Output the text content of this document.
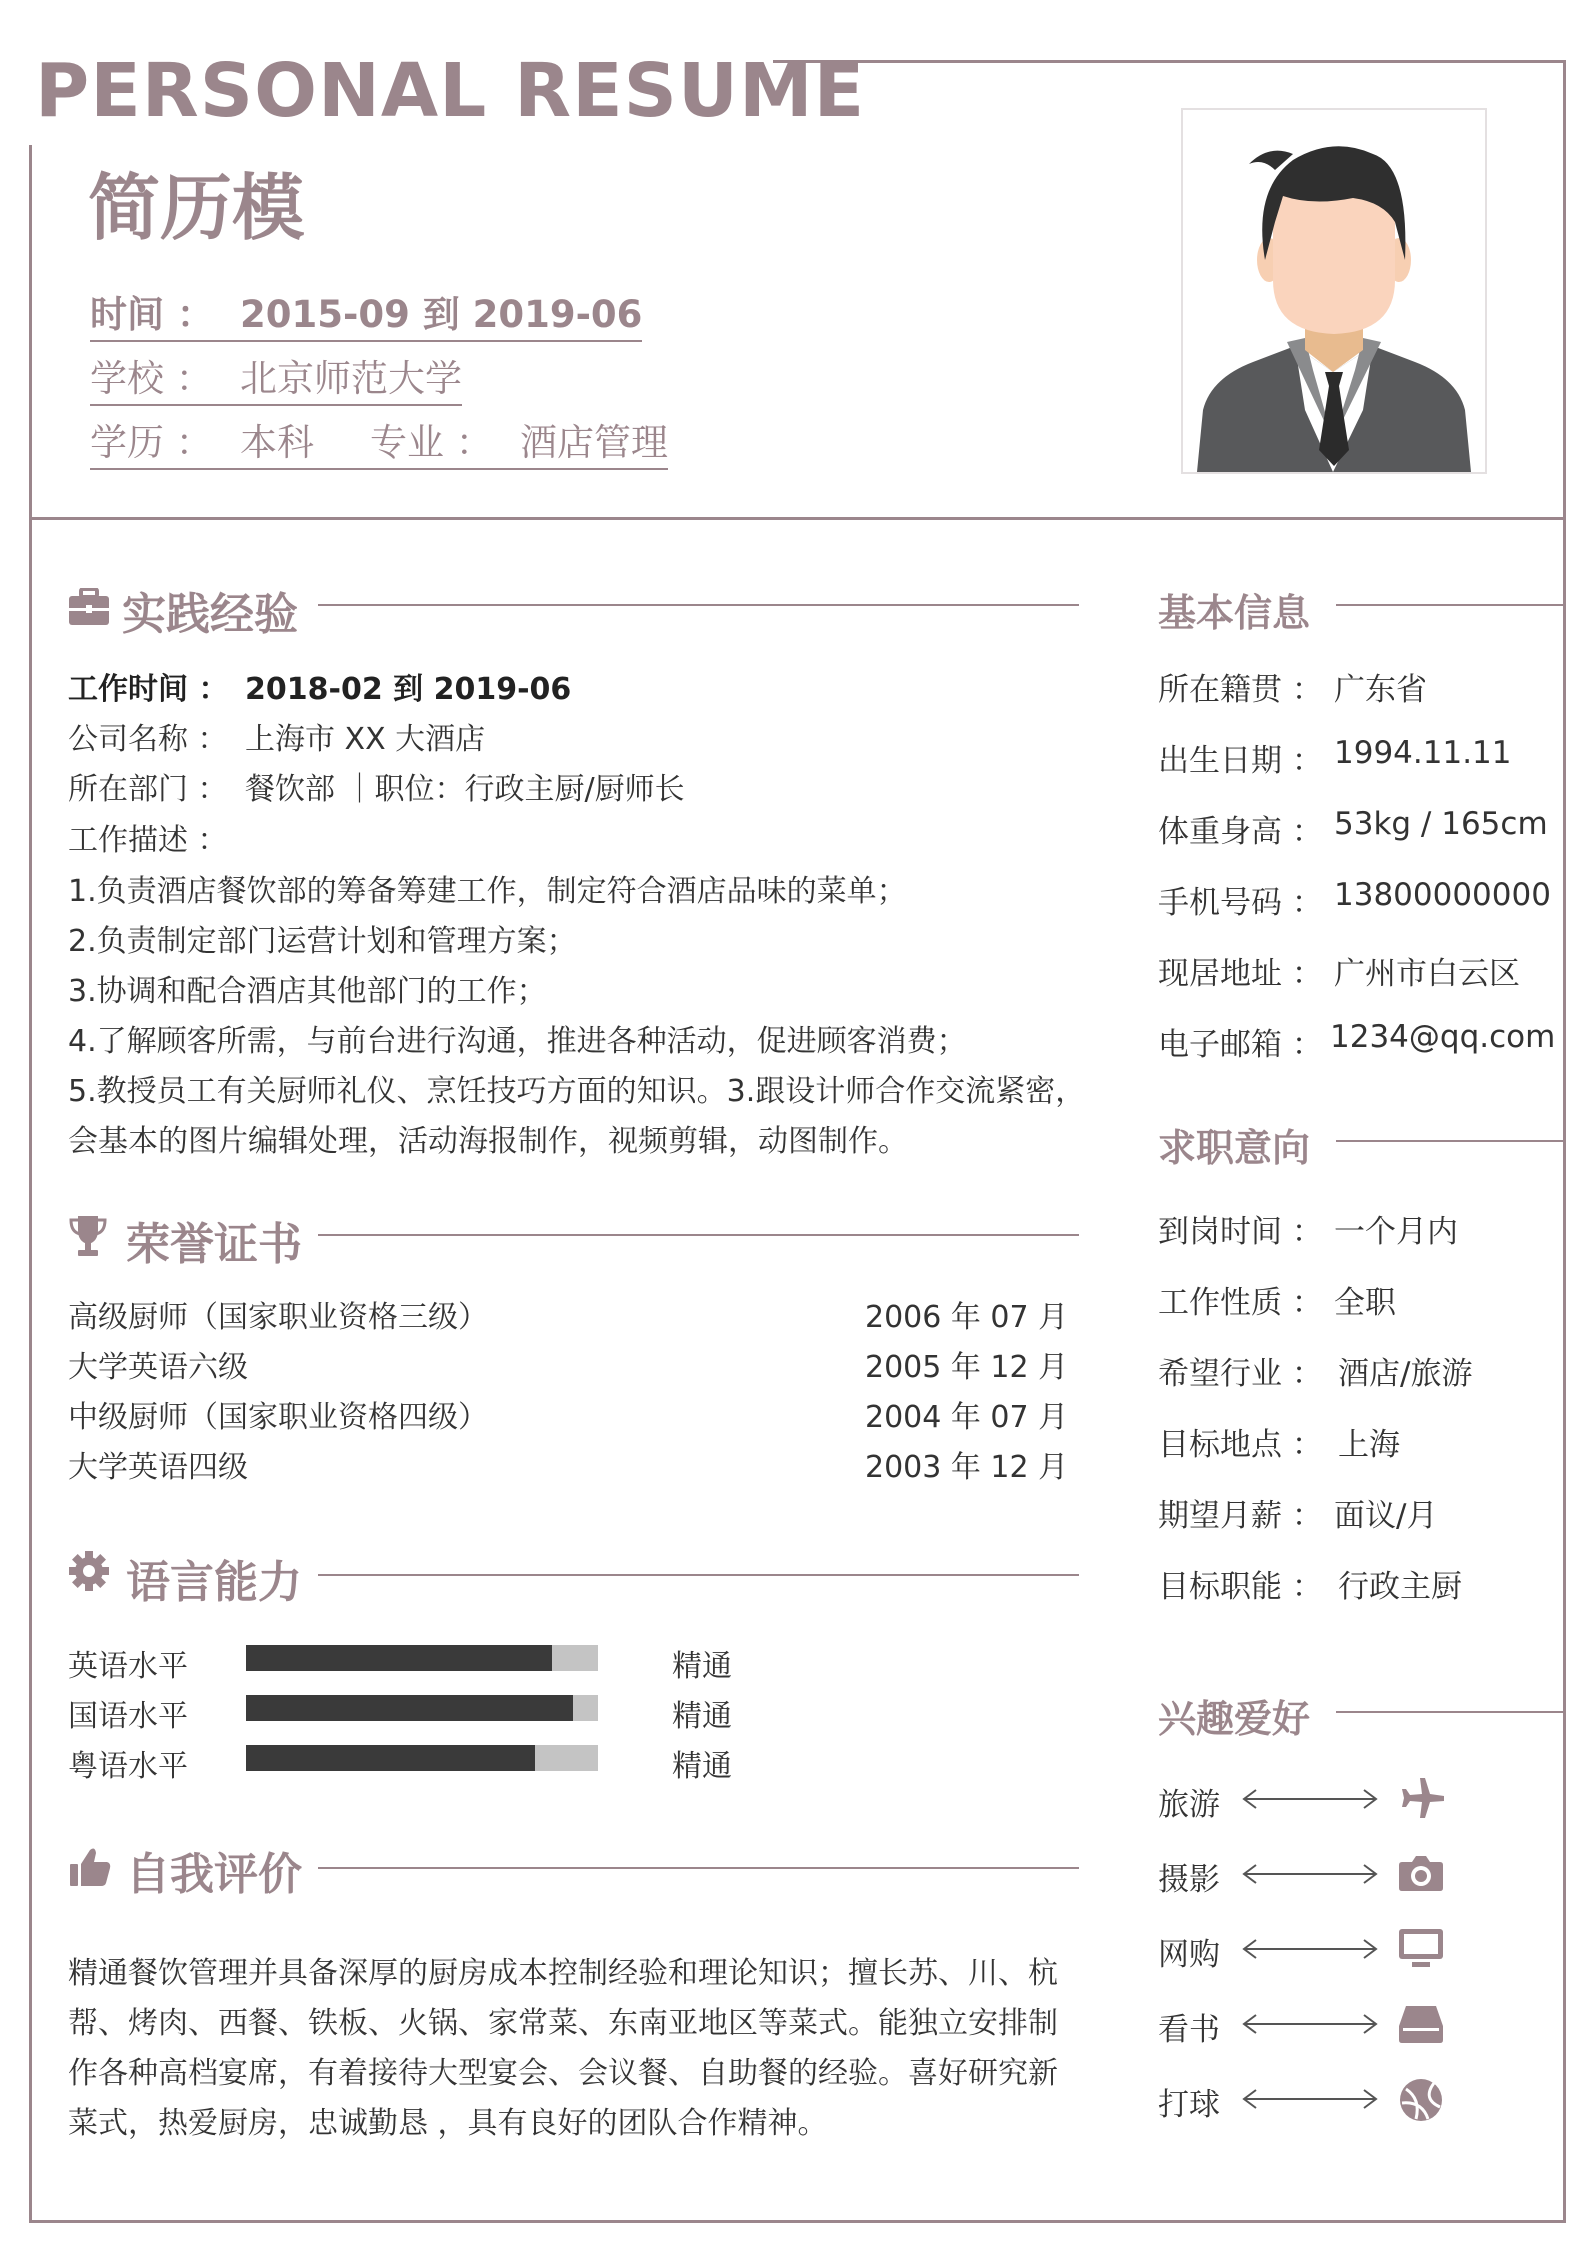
PERSONAL RESUME
简历模
时间 ： 2015-09 到 2019-06
学校 ： 北京师范大学
学历 ： 本科 专业 ： 酒店管理
实践经验
工作时间 ： 2018-02 到 2019-06
公司名称 ： 上海市 XX 大酒店
所在部门 ： 餐饮部 ｜职位：行政主厨/厨师长
工作描述 ：
1.负责酒店餐饮部的筹备筹建工作，制定符合酒店品味的菜单；
2.负责制定部门运营计划和管理方案；
3.协调和配合酒店其他部门的工作；
4.了解顾客所需，与前台进行沟通，推进各种活动，促进顾客消费；
5.教授员工有关厨师礼仪、烹饪技巧方面的知识。3.跟设计师合作交流紧密，
会基本的图片编辑处理，活动海报制作，视频剪辑，动图制作。
荣誉证书
高级厨师（国家职业资格三级）	2006 年 07 月
大学英语六级	2005 年 12 月
中级厨师（国家职业资格四级）	2004 年 07 月
大学英语四级	2003 年 12 月
语言能力
英语水平	精通
国语水平	精通
粤语水平	精通
自我评价
精通餐饮管理并具备深厚的厨房成本控制经验和理论知识；擅长苏、川、杭
帮、烤肉、西餐、铁板、火锅、家常菜、东南亚地区等菜式。能独立安排制
作各种高档宴席，有着接待大型宴会、会议餐、自助餐的经验。喜好研究新
菜式，热爱厨房，忠诚勤恳 ，具有良好的团队合作精神。
基本信息
所在籍贯 ： 广东省
出生日期 ： 1994.11.11
体重身高 ： 53kg / 165cm
手机号码 ： 13800000000
现居地址 ： 广州市白云区
电子邮箱 ： 1234@qq.com
求职意向
到岗时间 ： 一个月内
工作性质 ： 全职
希望行业 ： 酒店/旅游
目标地点 ： 上海
期望月薪 ： 面议/月
目标职能 ： 行政主厨
兴趣爱好
旅游
摄影
网购
看书
打球
